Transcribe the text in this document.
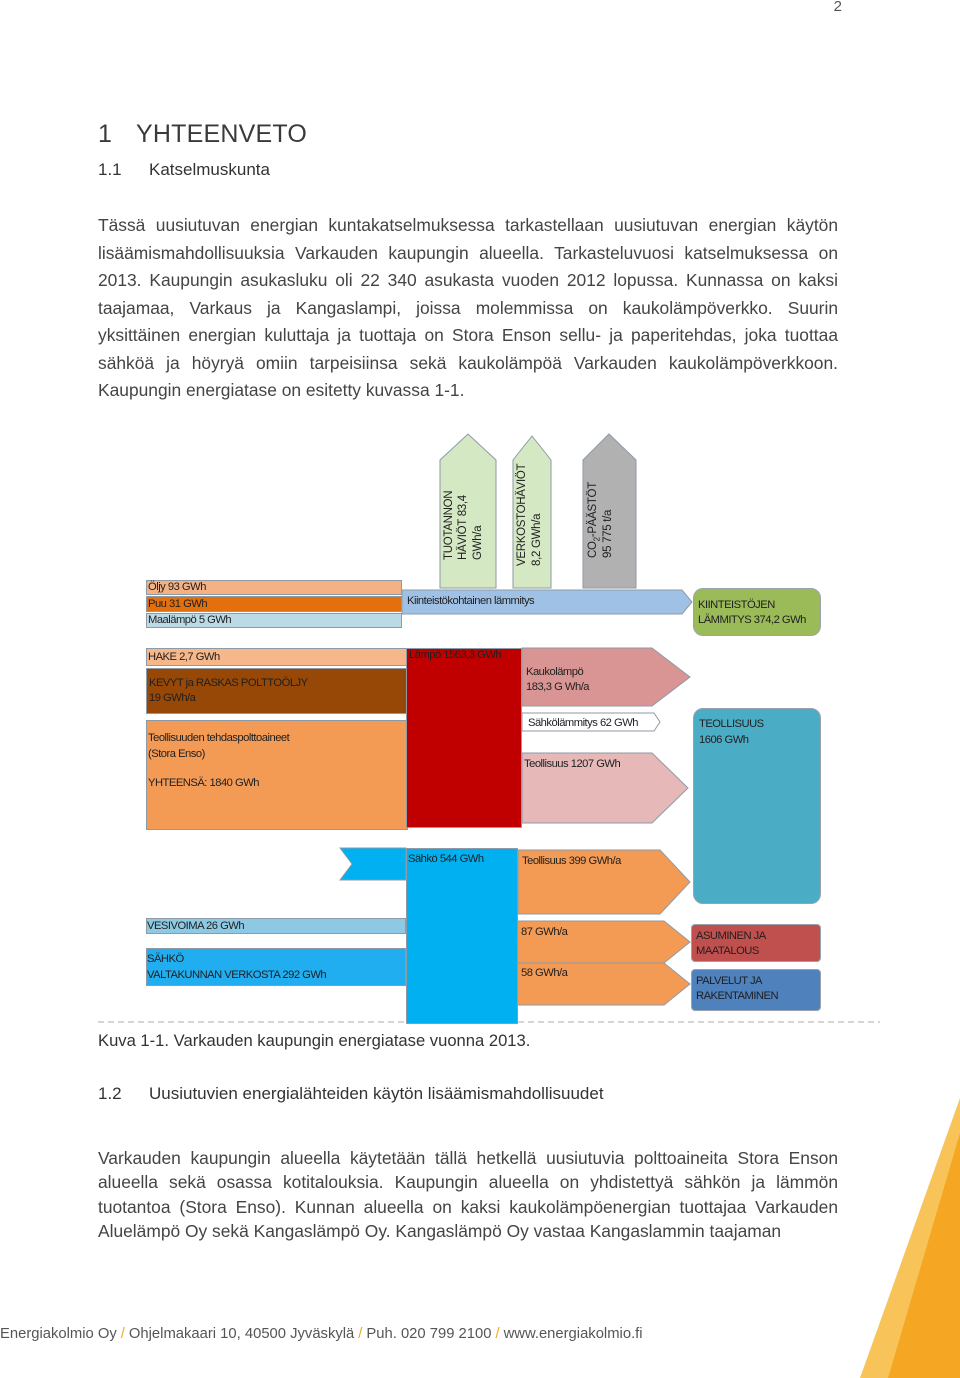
2
1 YHTEENVETO
1.1 Katselmuskunta
Tässä uusiutuvan energian kuntakatselmuksessa tarkastellaan uusiutuvan energian käytön lisäämismahdollisuuksia Varkauden kaupungin alueella. Tarkasteluvuosi katselmuksessa on 2013. Kaupungin asukasluku oli 22 340 asukasta vuoden 2012 lopussa. Kunnassa on kaksi taajamaa, Varkaus ja Kangaslampi, joissa molemmissa on kaukolämpöverkko. Suurin yksittäinen energian kuluttaja ja tuottaja on Stora Enson sellu- ja paperitehdas, joka tuottaa sähköä ja höyryä omiin tarpeisiinsa sekä kaukolämpöä Varkauden kaukolämpöverkkoon. Kaupungin energiatase on esitetty kuvassa 1-1.
TUOTANNON HÄVIÖT 83,4 GWh/a	VERKOSTOHÄVIÖT 8,2 GWh/a	$CO_2$-PÄÄSTÖT 95 775 t/a
Öljy 93 GWh
Puu 31 GWh
Maalämpö 5 GWh
Kiinteistökohtainen lämmitys
HAKE 2,7 GWh
KEVYT ja RASKAS POLTTOÖLJY
19 GWh/a
Teollisuuden tehdaspolttoaineet
(Stora Enso)
YHTEENSÄ: 1840 GWh
Lämpö 1563,3 GWh
Kaukolämpö
183,3 G Wh/a
Sähkölämmitys 62 GWh
Teollisuus 1207 GWh
Sähkö 544 GWh	Teollisuus 399 GWh/a
VESIVOIMA 26 GWh
SÄHKÖ
VALTAKUNNAN VERKOSTA 292 GWh
87 GWh/a
58 GWh/a
KIINTEISTÖJEN
LÄMMITYS 374,2 GWh
TEOLLISUUS
1606 GWh
ASUMINEN JA
MAATALOUS
PALVELUT JA
RAKENTAMINEN
Kuva 1-1. Varkauden kaupungin energiatase vuonna 2013.
1.2 Uusiutuvien energialähteiden käytön lisäämismahdollisuudet
Varkauden kaupungin alueella käytetään tällä hetkellä uusiutuvia polttoaineita Stora Enson alueella sekä osassa kotitalouksia. Kaupungin alueella on yhdistettyä sähkön ja lämmön tuotantoa (Stora Enso). Kunnan alueella on kaksi kaukolämpöenergian tuottajaa Varkauden Aluelämpö Oy sekä Kangaslämpö Oy. Kangaslämpö Oy vastaa Kangaslammin taajaman
Energiakolmio Oy / Ohjelmakaari 10, 40500 Jyväskylä / Puh. 020 799 2100 / www.energiakolmio.fi
